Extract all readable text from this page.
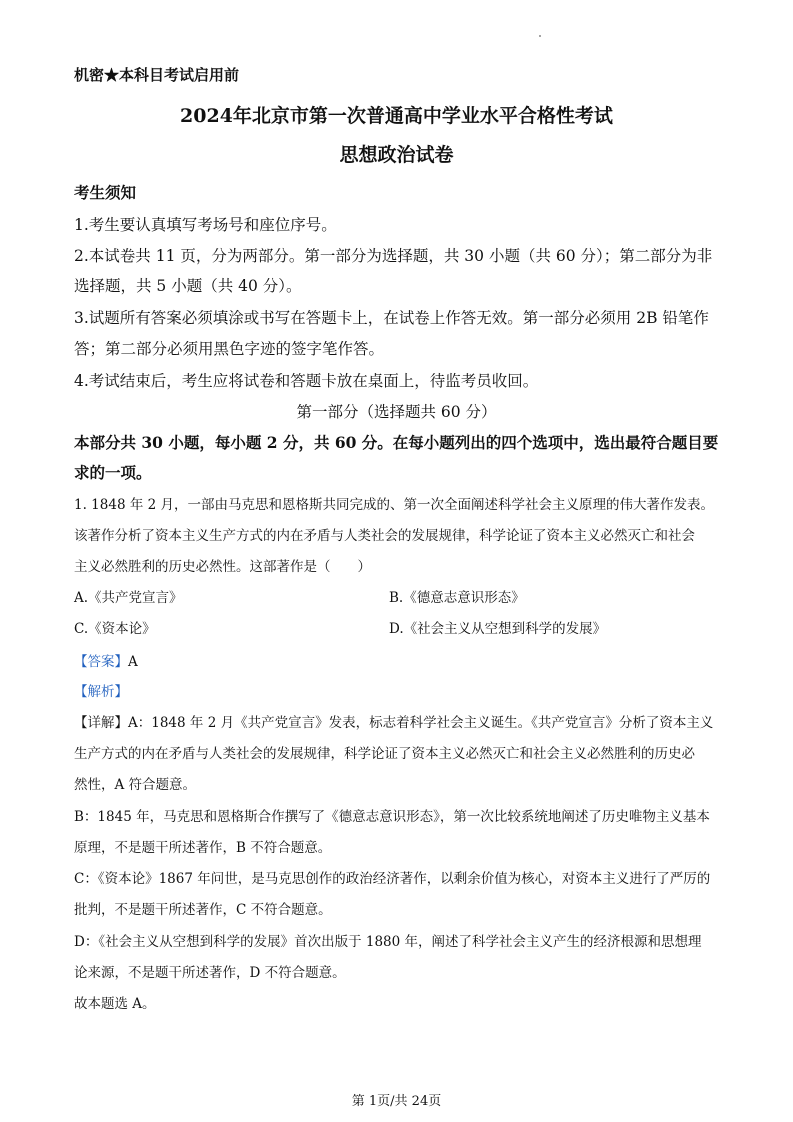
机密★本科目考试启用前
2024年北京市第一次普通高中学业水平合格性考试
思想政治试卷
考生须知
1.考生要认真填写考场号和座位序号。
2.本试卷共 11 页，分为两部分。第一部分为选择题，共 30 小题（共 60 分）；第二部分为非
选择题，共 5 小题（共 40 分）。
3.试题所有答案必须填涂或书写在答题卡上，在试卷上作答无效。第一部分必须用 2B 铅笔作
答；第二部分必须用黑色字迹的签字笔作答。
4.考试结束后，考生应将试卷和答题卡放在桌面上，待监考员收回。
第一部分（选择题共 60 分）
本部分共 30 小题，每小题 2 分，共 60 分。在每小题列出的四个选项中，选出最符合题目要
求的一项。
1. 1848 年 2 月，一部由马克思和恩格斯共同完成的、第一次全面阐述科学社会主义原理的伟大著作发表。
该著作分析了资本主义生产方式的内在矛盾与人类社会的发展规律，科学论证了资本主义必然灭亡和社会
主义必然胜利的历史必然性。这部著作是（　　）
A.《共产党宣言》	B.《德意志意识形态》
C.《资本论》	D.《社会主义从空想到科学的发展》
【答案】A
【解析】
【详解】A：1848 年 2 月《共产党宣言》发表，标志着科学社会主义诞生。《共产党宣言》分析了资本主义
生产方式的内在矛盾与人类社会的发展规律，科学论证了资本主义必然灭亡和社会主义必然胜利的历史必
然性，A 符合题意。
B：1845 年，马克思和恩格斯合作撰写了《德意志意识形态》，第一次比较系统地阐述了历史唯物主义基本
原理，不是题干所述著作，B 不符合题意。
C：《资本论》1867 年问世，是马克思创作的政治经济著作，以剩余价值为核心，对资本主义进行了严厉的
批判，不是题干所述著作，C 不符合题意。
D：《社会主义从空想到科学的发展》首次出版于 1880 年，阐述了科学社会主义产生的经济根源和思想理
论来源，不是题干所述著作，D 不符合题意。
故本题选 A。
第 1页/共 24页
